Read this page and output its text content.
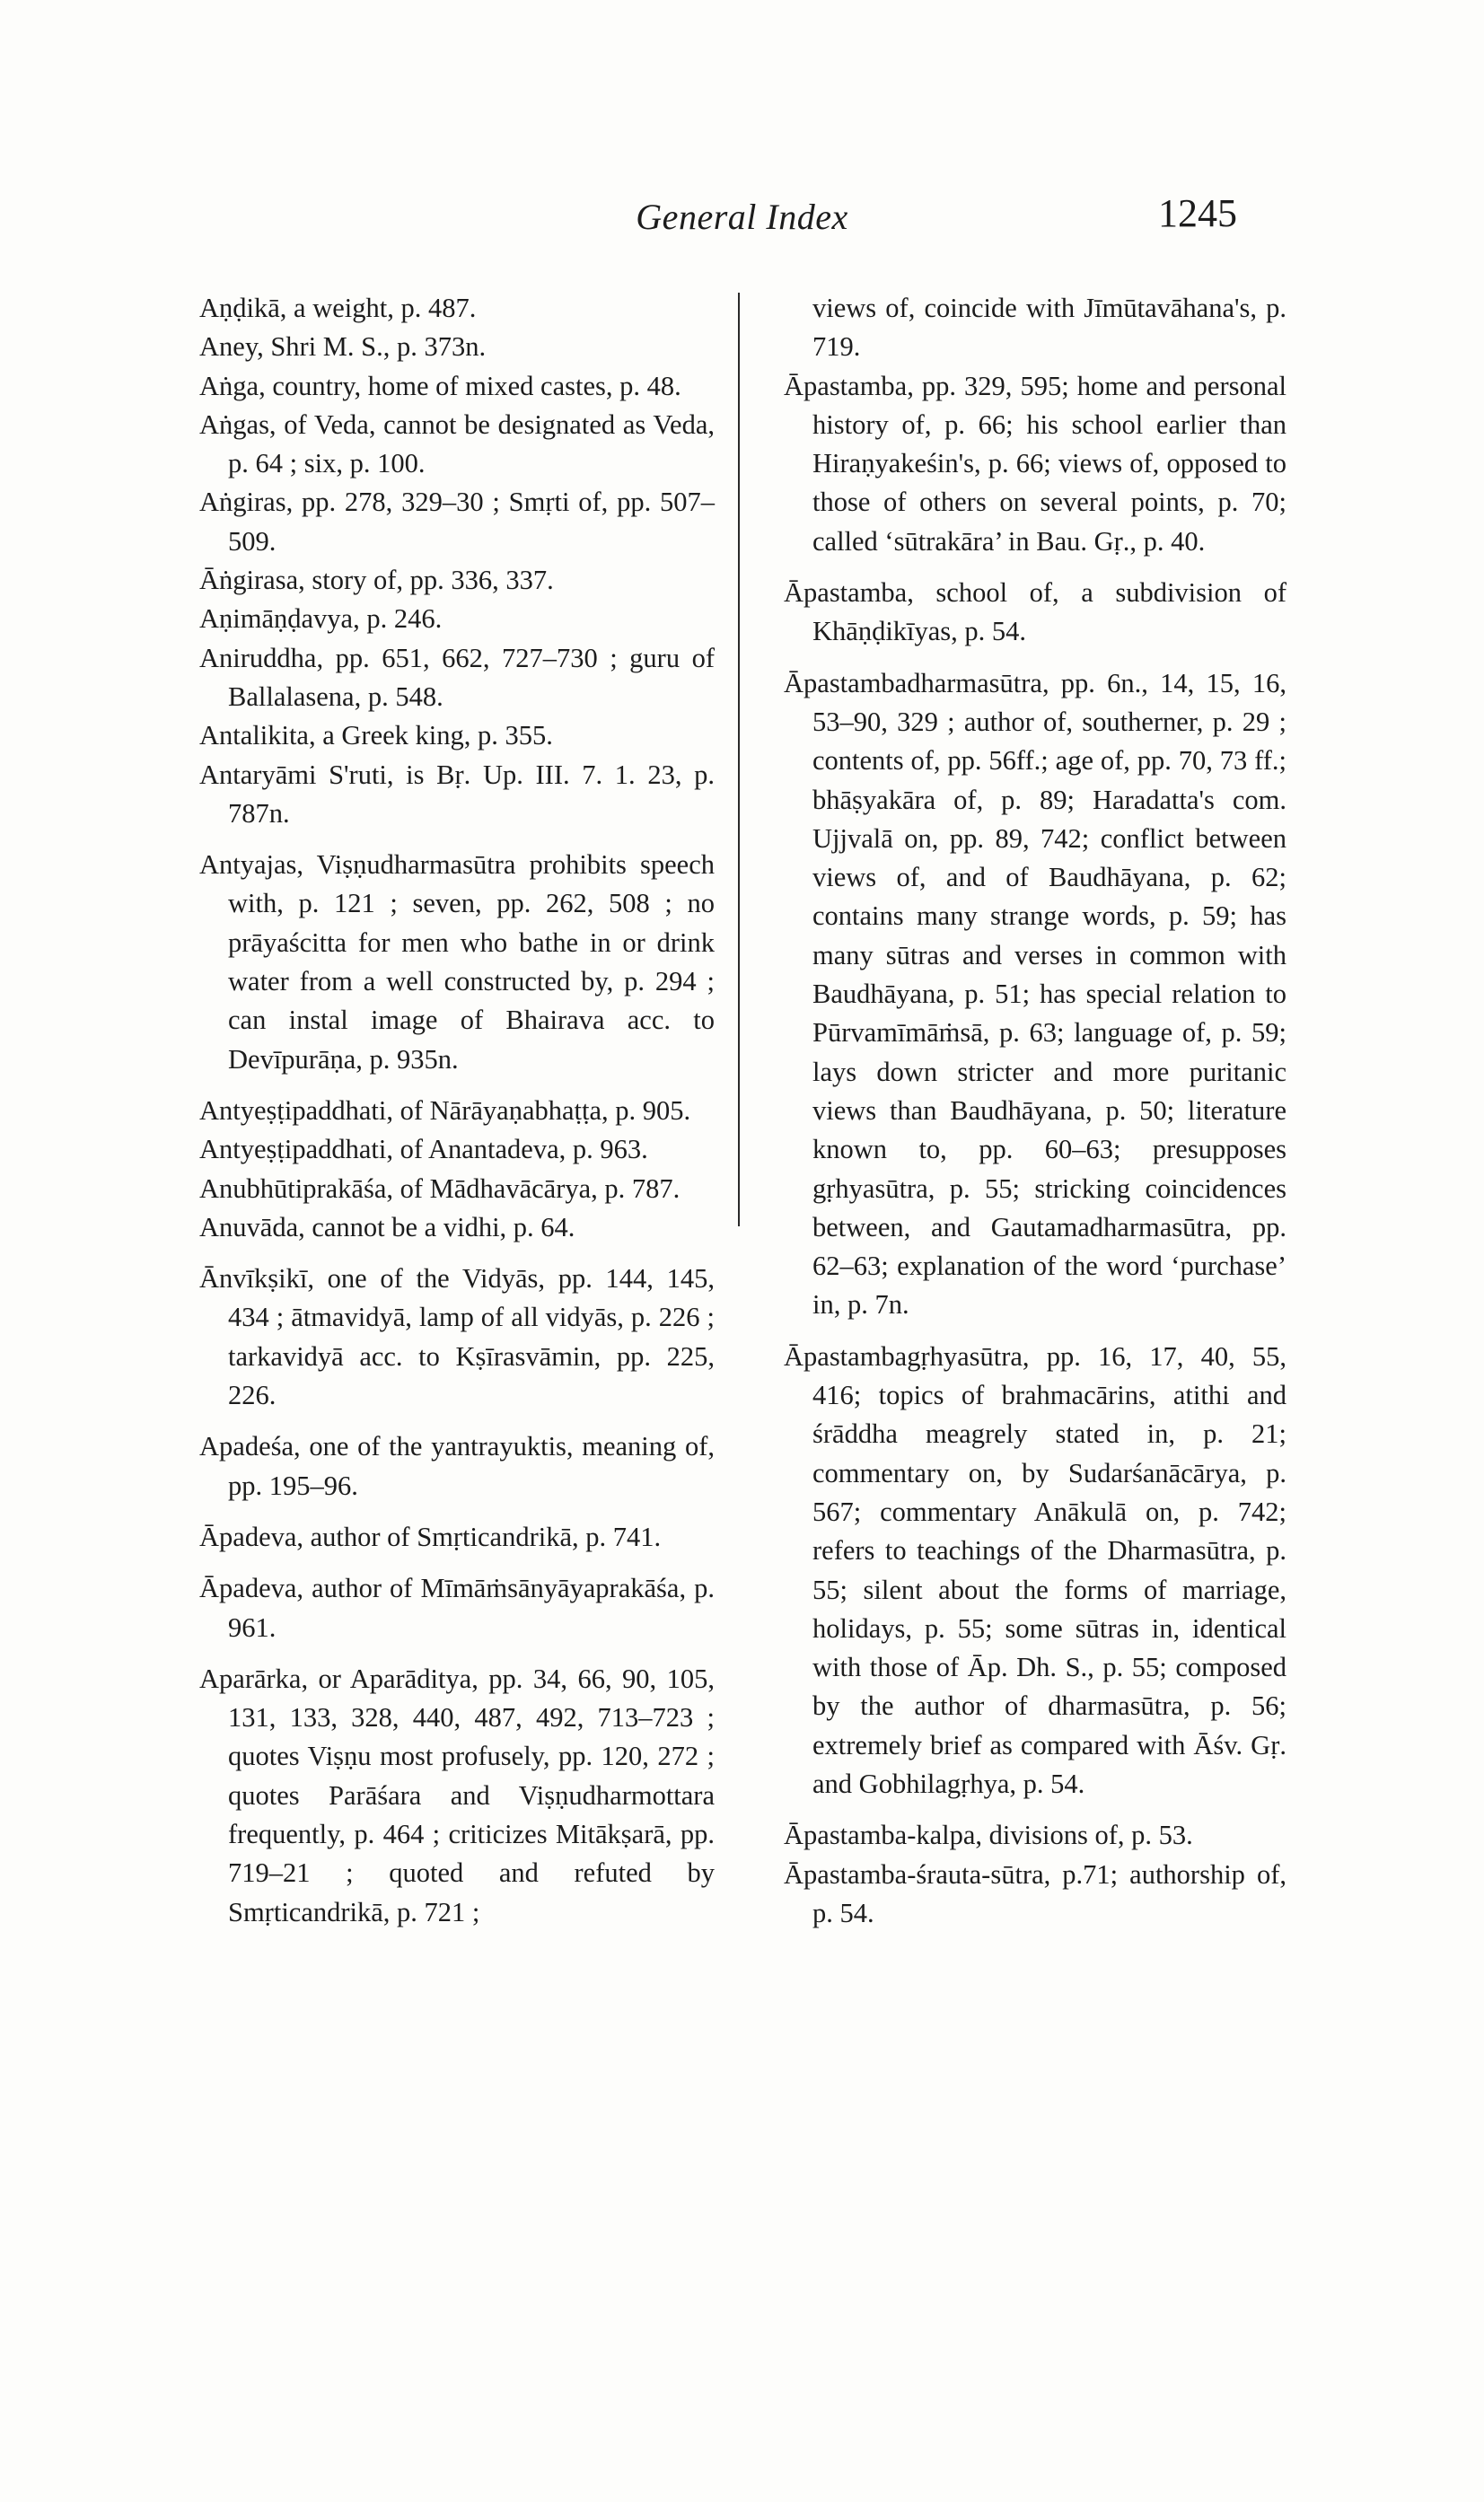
General Index	1245

Aṇḍikā, a weight, p. 487.

Aney, Shri M. S., p. 373n.

Aṅga, country, home of mixed castes, p. 48.

Aṅgas, of Veda, cannot be designated as Veda, p. 64 ; six, p. 100.

Aṅgiras, pp. 278, 329–30 ; Smṛti of, pp. 507–509.

Āṅgirasa, story of, pp. 336, 337.

Aṇimāṇḍavya, p. 246.

Aniruddha, pp. 651, 662, 727–730 ; guru of Ballalasena, p. 548.

Antalikita, a Greek king, p. 355.

Antaryāmi S'ruti, is Bṛ. Up. III. 7. 1. 23, p. 787n.

Antyajas, Viṣṇudharmasūtra prohibits speech with, p. 121 ; seven, pp. 262, 508 ; no prāyaścitta for men who bathe in or drink water from a well constructed by, p. 294 ; can instal image of Bhairava acc. to Devīpurāṇa, p. 935n.

Antyeṣṭipaddhati, of Nārāyaṇabhaṭṭa, p. 905.

Antyeṣṭipaddhati, of Anantadeva, p. 963.

Anubhūtiprakāśa, of Mādhavācārya, p. 787.

Anuvāda, cannot be a vidhi, p. 64.

Ānvīkṣikī, one of the Vidyās, pp. 144, 145, 434 ; ātmavidyā, lamp of all vidyās, p. 226 ; tarkavidyā acc. to Kṣīrasvāmin, pp. 225, 226.

Apadeśa, one of the yantrayuktis, meaning of, pp. 195–96.

Āpadeva, author of Smṛticandrikā, p. 741.

Āpadeva, author of Mīmāṁsānyāyaprakāśa, p. 961.

Aparārka, or Aparāditya, pp. 34, 66, 90, 105, 131, 133, 328, 440, 487, 492, 713–723 ; quotes Viṣṇu most profusely, pp. 120, 272 ; quotes Parāśara and Viṣṇudharmottara frequently, p. 464 ; criticizes Mitākṣarā, pp. 719–21 ; quoted and refuted by Smṛticandrikā, p. 721 ;

views of, coincide with Jīmūtavāhana's, p. 719.

Āpastamba, pp. 329, 595; home and personal history of, p. 66; his school earlier than Hiraṇyakeśin's, p. 66; views of, opposed to those of others on several points, p. 70; called ‘sūtrakāra’ in Bau. Gṛ., p. 40.

Āpastamba, school of, a subdivision of Khāṇḍikīyas, p. 54.

Āpastambadharmasūtra, pp. 6n., 14, 15, 16, 53–90, 329 ; author of, southerner, p. 29 ; contents of, pp. 56ff.; age of, pp. 70, 73 ff.; bhāṣyakāra of, p. 89; Haradatta's com. Ujjvalā on, pp. 89, 742; conflict between views of, and of Baudhāyana, p. 62; contains many strange words, p. 59; has many sūtras and verses in common with Baudhāyana, p. 51; has special relation to Pūrvamīmāṁsā, p. 63; language of, p. 59; lays down stricter and more puritanic views than Baudhāyana, p. 50; literature known to, pp. 60–63; presupposes gṛhyasūtra, p. 55; stricking coincidences between, and Gautamadharmasūtra, pp. 62–63; explanation of the word ‘purchase’ in, p. 7n.

Āpastambagṛhyasūtra, pp. 16, 17, 40, 55, 416; topics of brahmacārins, atithi and śrāddha meagrely stated in, p. 21; commentary on, by Sudarśanācārya, p. 567; commentary Anākulā on, p. 742; refers to teachings of the Dharmasūtra, p. 55; silent about the forms of marriage, holidays, p. 55; some sūtras in, identical with those of Āp. Dh. S., p. 55; composed by the author of dharmasūtra, p. 56; extremely brief as compared with Āśv. Gṛ. and Gobhilagṛhya, p. 54.

Āpastamba-kalpa, divisions of, p. 53.

Āpastamba-śrauta-sūtra, p.71; authorship of, p. 54.
